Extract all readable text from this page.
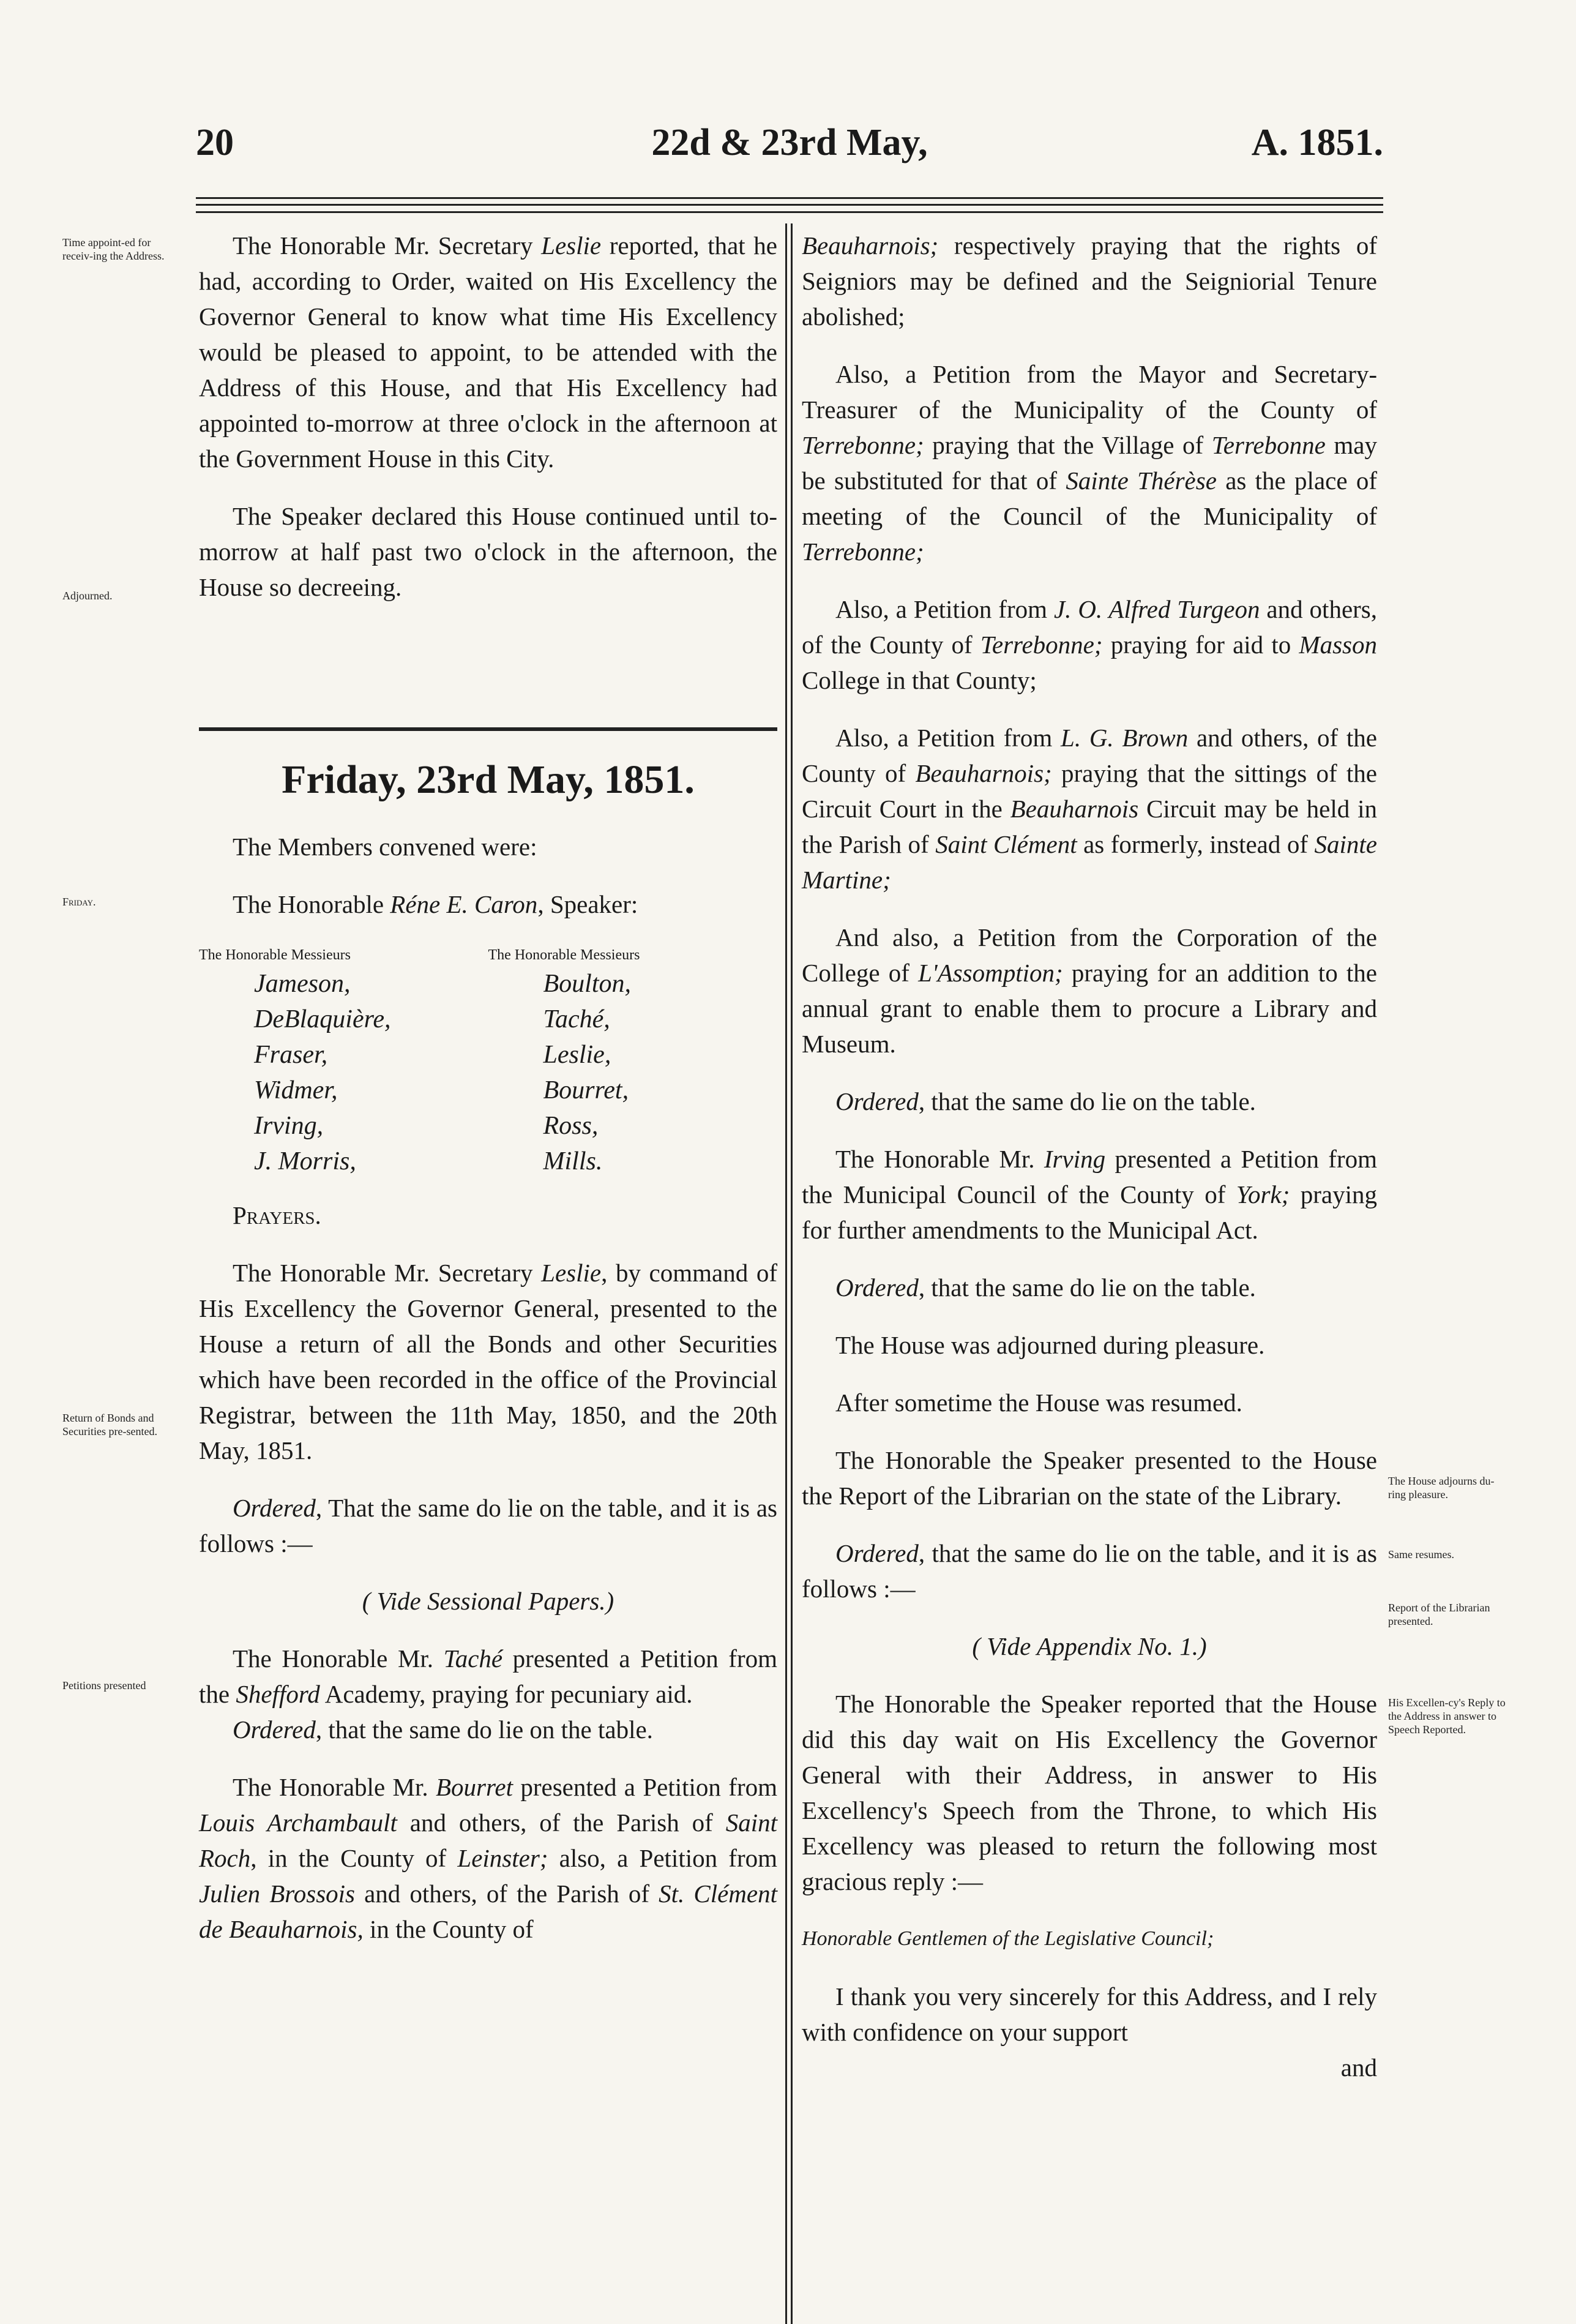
20	22d & 23rd May,	A. 1851.
Time appoint-ed for receiv-ing the Address.
Adjourned.
Friday.
Return of Bonds and Securities pre-sented.
Petitions presented
The House adjourns du-ring pleasure.
Same resumes.
Report of the Librarian presented.
His Excellen-cy's Reply to the Address in answer to Speech Reported.

The Honorable Mr. Secretary Leslie reported, that he had, according to Order, waited on His Excellency the Governor General to know what time His Excellency would be pleased to appoint, to be attended with the Address of this House, and that His Excellency had appointed to-morrow at three o'clock in the afternoon at the Government House in this City.

The Speaker declared this House continued until to-morrow at half past two o'clock in the afternoon, the House so decreeing.

Friday, 23rd May, 1851.

The Members convened were:

The Honorable Réne E. Caron, Speaker:

The Honorable Messieurs
Jameson,
DeBlaquière,
Fraser,
Widmer,
Irving,
J. Morris,
The Honorable Messieurs
Boulton,
Taché,
Leslie,
Bourret,
Ross,
Mills.

Prayers.

The Honorable Mr. Secretary Leslie, by command of His Excellency the Governor General, presented to the House a return of all the Bonds and other Securities which have been recorded in the office of the Provincial Registrar, between the 11th May, 1850, and the 20th May, 1851.

Ordered, That the same do lie on the table, and it is as follows :—

( Vide Sessional Papers.)

The Honorable Mr. Taché presented a Petition from the Shefford Academy, praying for pecuniary aid.

Ordered, that the same do lie on the table.

The Honorable Mr. Bourret presented a Petition from Louis Archambault and others, of the Parish of Saint Roch, in the County of Leinster; also, a Petition from Julien Brossois and others, of the Parish of St. Clément de Beauharnois, in the County of

Beauharnois; respectively praying that the rights of Seigniors may be defined and the Seigniorial Tenure abolished;

Also, a Petition from the Mayor and Secretary-Treasurer of the Municipality of the County of Terrebonne; praying that the Village of Terrebonne may be substituted for that of Sainte Thérèse as the place of meeting of the Council of the Municipality of Terrebonne;

Also, a Petition from J. O. Alfred Turgeon and others, of the County of Terrebonne; praying for aid to Masson College in that County;

Also, a Petition from L. G. Brown and others, of the County of Beauharnois; praying that the sittings of the Circuit Court in the Beauharnois Circuit may be held in the Parish of Saint Clément as formerly, instead of Sainte Martine;

And also, a Petition from the Corporation of the College of L'Assomption; praying for an addition to the annual grant to enable them to procure a Library and Museum.

Ordered, that the same do lie on the table.

The Honorable Mr. Irving presented a Petition from the Municipal Council of the County of York; praying for further amendments to the Municipal Act.

Ordered, that the same do lie on the table.

The House was adjourned during pleasure.

After sometime the House was resumed.

The Honorable the Speaker presented to the House the Report of the Librarian on the state of the Library.

Ordered, that the same do lie on the table, and it is as follows :—

( Vide Appendix No. 1.)

The Honorable the Speaker reported that the House did this day wait on His Excellency the Governor General with their Address, in answer to His Excellency's Speech from the Throne, to which His Excellency was pleased to return the following most gracious reply :—

Honorable Gentlemen of the Legislative Council;

I thank you very sincerely for this Address, and I rely with confidence on your support

and
